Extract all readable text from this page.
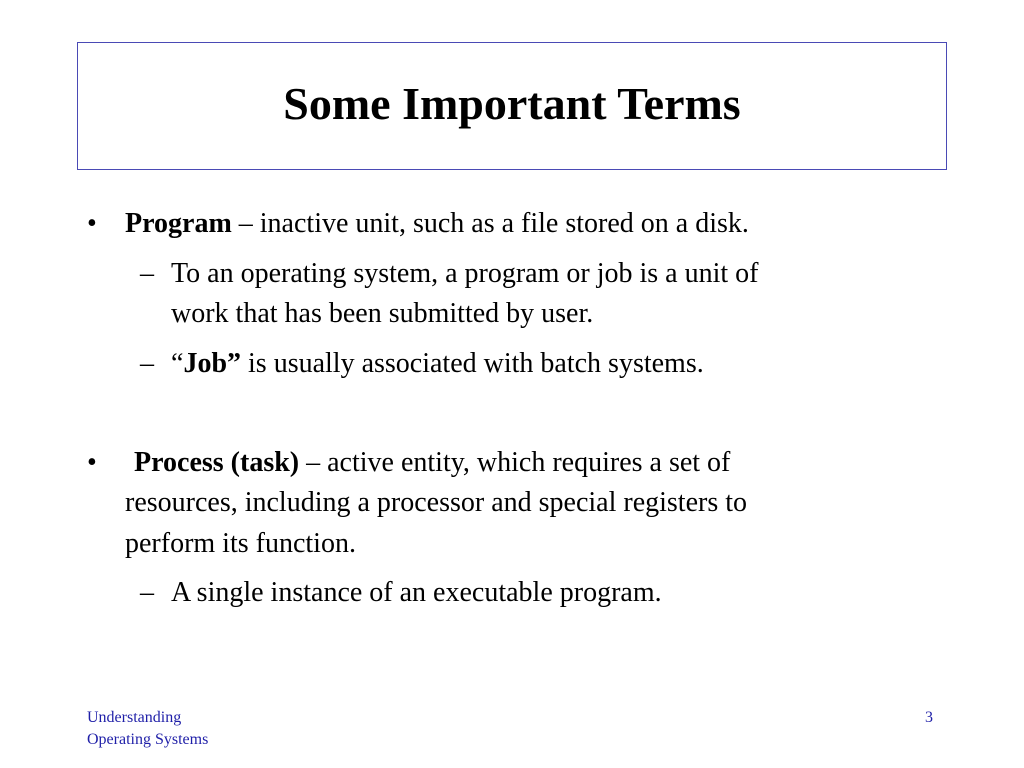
Some Important Terms
• Program – inactive unit, such as a file stored on a disk.
– To an operating system, a program or job is a unit of
work that has been submitted by user.
– “Job” is usually associated with batch systems.
• Process (task) – active entity, which requires a set of
resources, including a processor and special registers to
perform its function.
– A single instance of an executable program.
Understanding
Operating Systems
3
